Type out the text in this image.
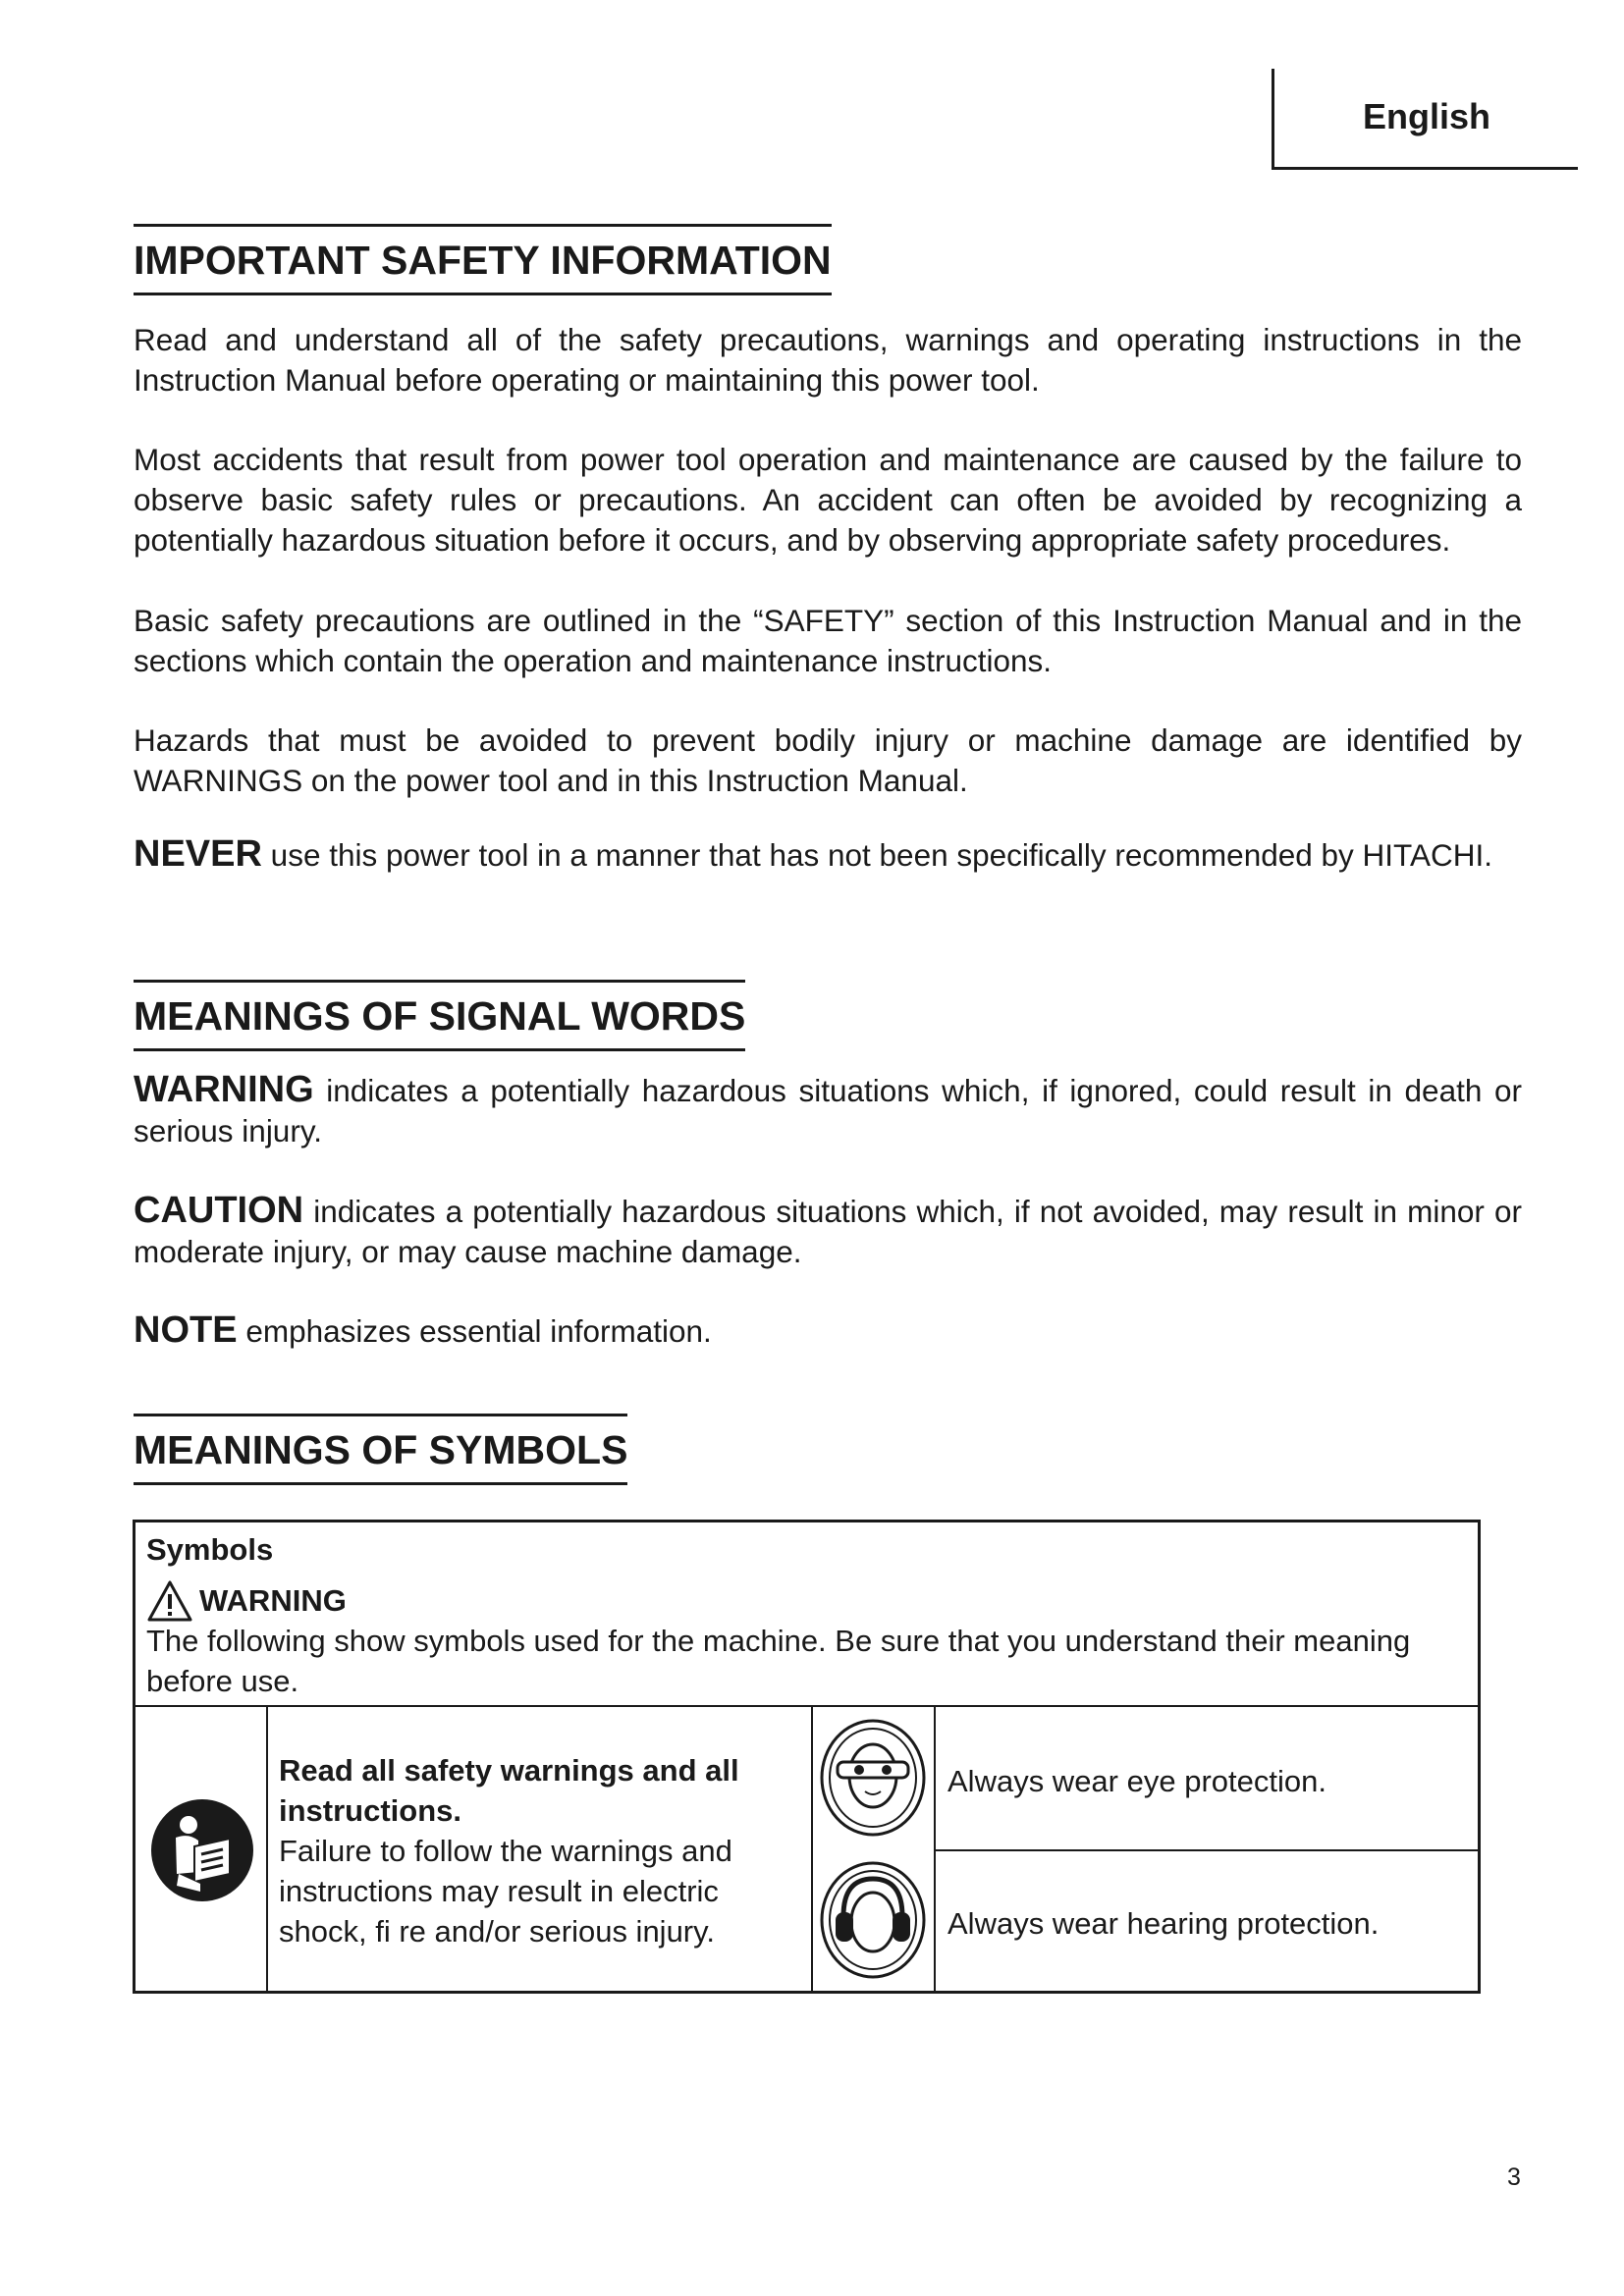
English
IMPORTANT SAFETY INFORMATION

Read and understand all of the safety precautions, warnings and operating instructions in the Instruction Manual before operating or maintaining this power tool.

Most accidents that result from power tool operation and maintenance are caused by the failure to observe basic safety rules or precautions. An accident can often be avoided by recognizing a potentially hazardous situation before it occurs, and by observing appropriate safety procedures.

Basic safety precautions are outlined in the “SAFETY” section of this Instruction Manual and in the sections which contain the operation and maintenance instructions.

Hazards that must be avoided to prevent bodily injury or machine damage are identified by WARNINGS on the power tool and in this Instruction Manual.

NEVER use this power tool in a manner that has not been specifically recommended by HITACHI.

MEANINGS OF SIGNAL WORDS

WARNING indicates a potentially hazardous situations which, if ignored, could result in death or serious injury.

CAUTION indicates a potentially hazardous situations which, if not avoided, may result in minor or moderate injury, or may cause machine damage.

NOTE emphasizes essential information.

MEANINGS OF SYMBOLS
Symbols
WARNING

The following show symbols used for the machine. Be sure that you understand their meaning before use.

Read all safety warnings and all instructions.
Failure to follow the warnings and instructions may result in electric shock, fi re and/or serious injury.
Always wear eye protection.
Always wear hearing protection.
3
